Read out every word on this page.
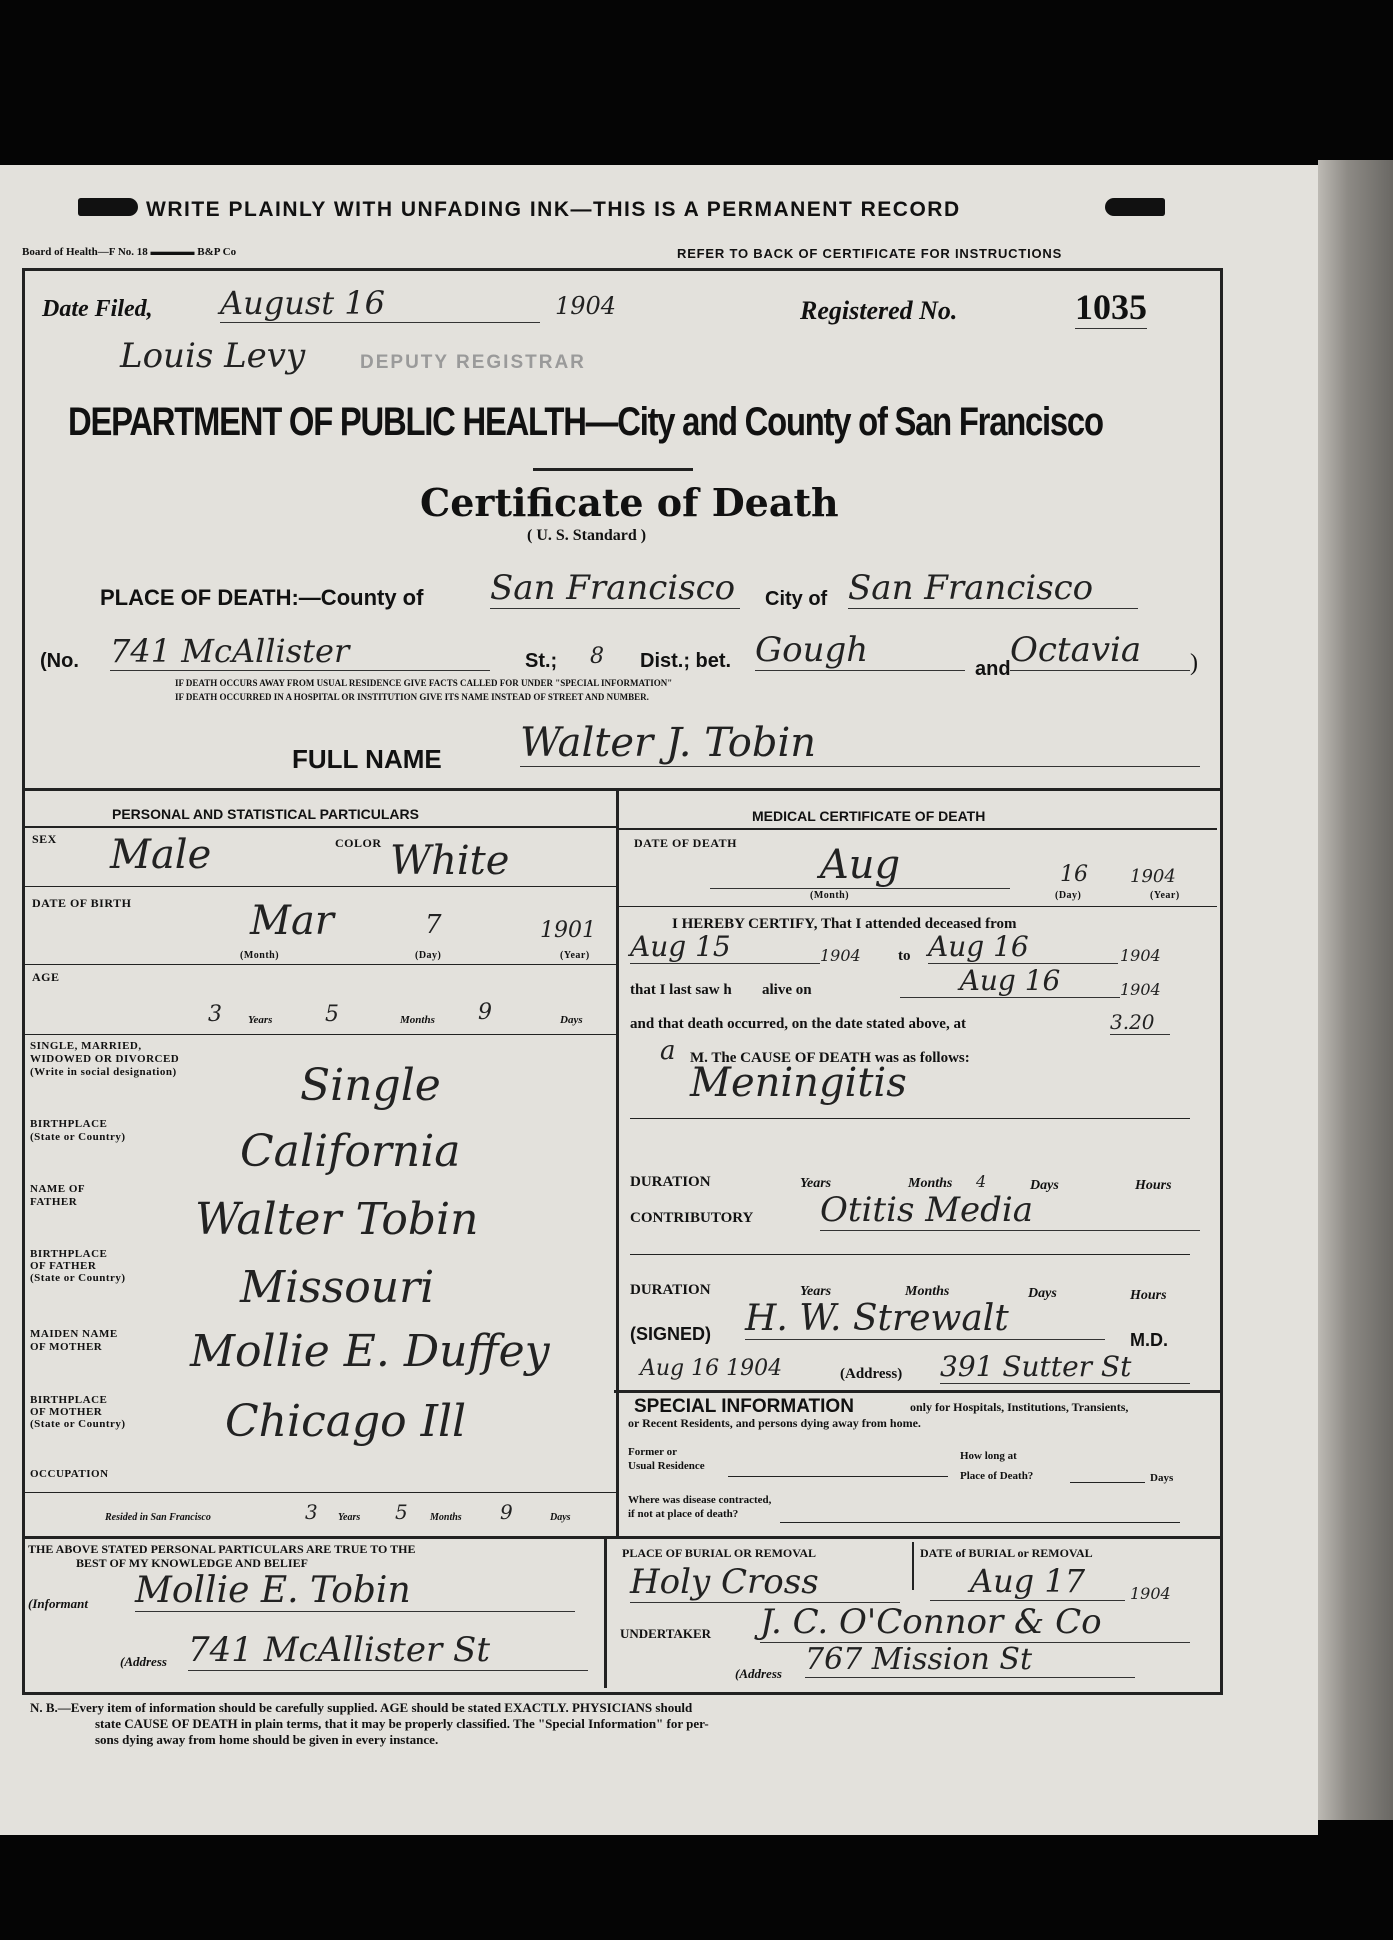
WRITE PLAINLY WITH UNFADING INK—THIS IS A PERMANENT RECORD
Board of Health—F No. 18 ▬▬▬▬ B&P Co	REFER TO BACK OF CERTIFICATE FOR INSTRUCTIONS
Date Filed, August 16	1904	Registered No.	1035
Louis Levy	DEPUTY REGISTRAR
DEPARTMENT OF PUBLIC HEALTH—City and County of San Francisco
Certificate of Death
( U. S. Standard )
PLACE OF DEATH:—County of San Francisco City of San Francisco
(No. 741 McAllister	St.; 8 Dist.; bet. Gough	and Octavia	)
IF DEATH OCCURS AWAY FROM USUAL RESIDENCE GIVE FACTS CALLED FOR UNDER "SPECIAL INFORMATION"
IF DEATH OCCURRED IN A HOSPITAL OR INSTITUTION GIVE ITS NAME INSTEAD OF STREET AND NUMBER.
FULL NAME Walter J. Tobin
PERSONAL AND STATISTICAL PARTICULARS
SEX Male	COLOR White
DATE OF BIRTH	Mar	7	1901
(Month)	(Day)	(Year)
AGE
3 Years 5	Months 9	Days
SINGLE, MARRIED,
WIDOWED OR DIVORCED
(Write in social designation)	Single
BIRTHPLACE
(State or Country)	California
NAME OF
FATHER	Walter Tobin
BIRTHPLACE
OF FATHER
(State or Country)	Missouri
MAIDEN NAME
OF MOTHER Mollie E. Duffey
BIRTHPLACE
OF MOTHER
(State or Country) Chicago Ill
OCCUPATION
Resided in San Francisco	3 Years 5 Months 9	Days
MEDICAL CERTIFICATE OF DEATH
DATE OF DEATH	Aug	16 1904
(Month)	(Day)	(Year)
I HEREBY CERTIFY, That I attended deceased from
Aug 15	1904 to Aug 16	1904
that I last saw h alive on	Aug 16	1904
and that death occurred, on the date stated above, at	3.20
a M. The CAUSE OF DEATH was as follows:
Meningitis
DURATION	Years	Months 4	Days	Hours
CONTRIBUTORY Otitis Media
DURATION	Years	Months	Days	Hours
(SIGNED) H. W. Strewalt
M.D.
Aug 16 1904	(Address) 391 Sutter St
SPECIAL INFORMATION	only for Hospitals, Institutions, Transients,
or Recent Residents, and persons dying away from home.
Former or
Usual Residence
How long at
Place of Death?	Days
Where was disease contracted,
if not at place of death?
THE ABOVE STATED PERSONAL PARTICULARS ARE TRUE TO THE
BEST OF MY KNOWLEDGE AND BELIEF
(Informant Mollie E. Tobin
(Address 741 McAllister St
PLACE OF BURIAL OR REMOVAL	DATE of BURIAL or REMOVAL
Holy Cross	Aug 17	1904
UNDERTAKER J. C. O'Connor & Co
(Address 767 Mission St
N. B.—Every item of information should be carefully supplied. AGE should be stated EXACTLY. PHYSICIANS should
state CAUSE OF DEATH in plain terms, that it may be properly classified. The "Special Information" for per-
sons dying away from home should be given in every instance.
